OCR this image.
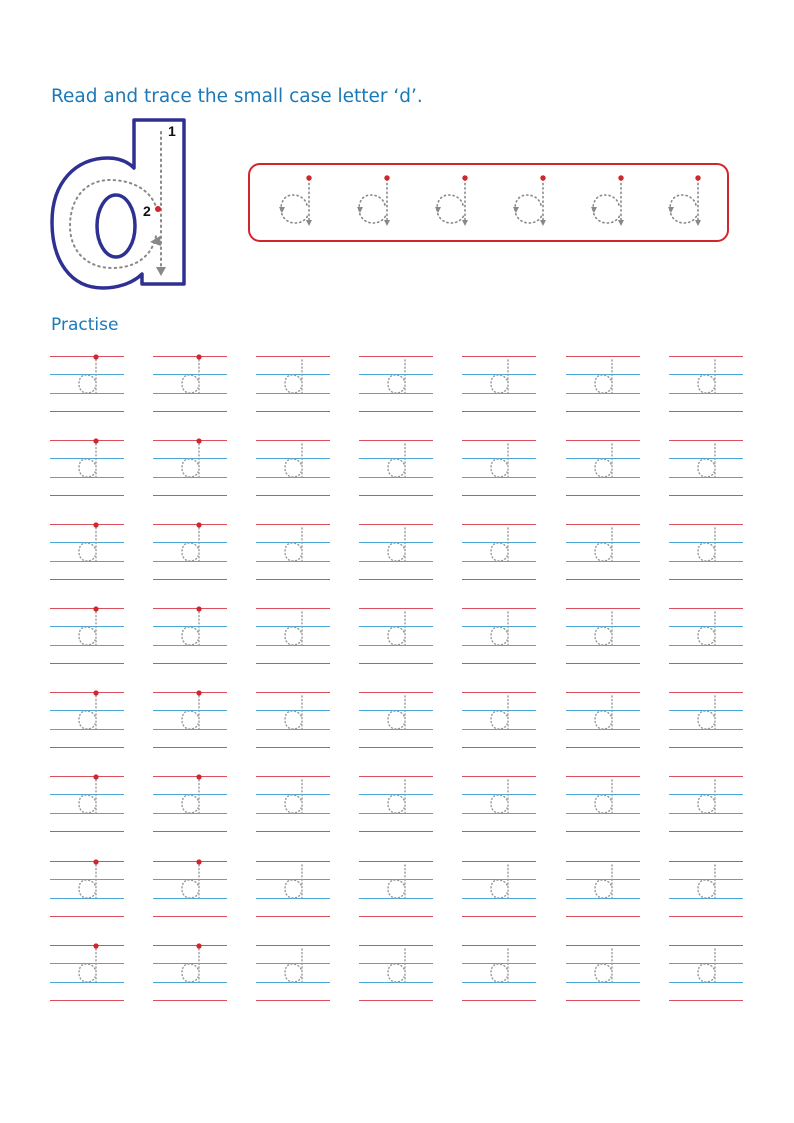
Read and trace the small case letter ‘d’.
1
2
Practise
